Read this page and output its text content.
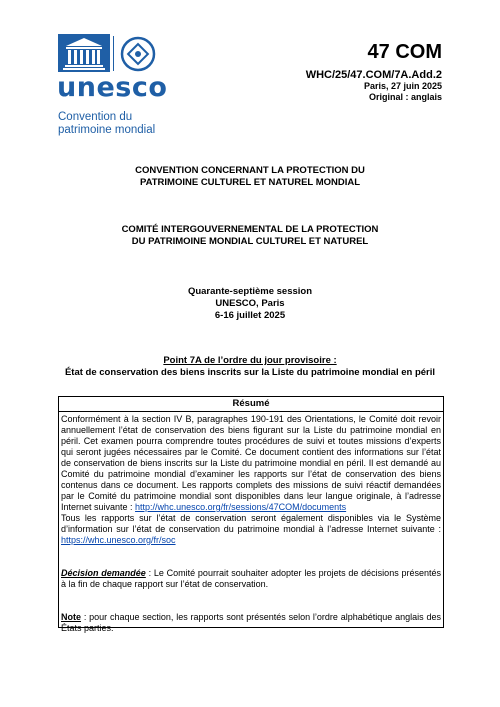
unesco
Convention du
patrimoine mondial
47 COM
WHC/25/47.COM/7A.Add.2
Paris, 27 juin 2025
Original : anglais
CONVENTION CONCERNANT LA PROTECTION DU
PATRIMOINE CULTUREL ET NATUREL MONDIAL
COMITÉ INTERGOUVERNEMENTAL DE LA PROTECTION
DU PATRIMOINE MONDIAL CULTUREL ET NATUREL
Quarante-septième session
UNESCO, Paris
6-16 juillet 2025
Point 7A de l’ordre du jour provisoire :
État de conservation des biens inscrits sur la Liste du patrimoine mondial en péril
Résumé

Conformément à la section IV B, paragraphes 190-191 des Orientations, le Comité doit revoir annuellement l’état de conservation des biens figurant sur la Liste du patrimoine mondial en péril. Cet examen pourra comprendre toutes procédures de suivi et toutes missions d’experts qui seront jugées nécessaires par le Comité. Ce document contient des informations sur l’état de conservation de biens inscrits sur la Liste du patrimoine mondial en péril. Il est demandé au Comité du patrimoine mondial d’examiner les rapports sur l’état de conservation des biens contenus dans ce document. Les rapports complets des missions de suivi réactif demandées par le Comité du patrimoine mondial sont disponibles dans leur langue originale, à l’adresse Internet suivante : http://whc.unesco.org/fr/sessions/47COM/documents

Tous les rapports sur l’état de conservation seront également disponibles via le Système d’information sur l’état de conservation du patrimoine mondial à l’adresse Internet suivante : https://whc.unesco.org/fr/soc

Décision demandée : Le Comité pourrait souhaiter adopter les projets de décisions présentés à la fin de chaque rapport sur l’état de conservation.

Note : pour chaque section, les rapports sont présentés selon l’ordre alphabétique anglais des États parties.
